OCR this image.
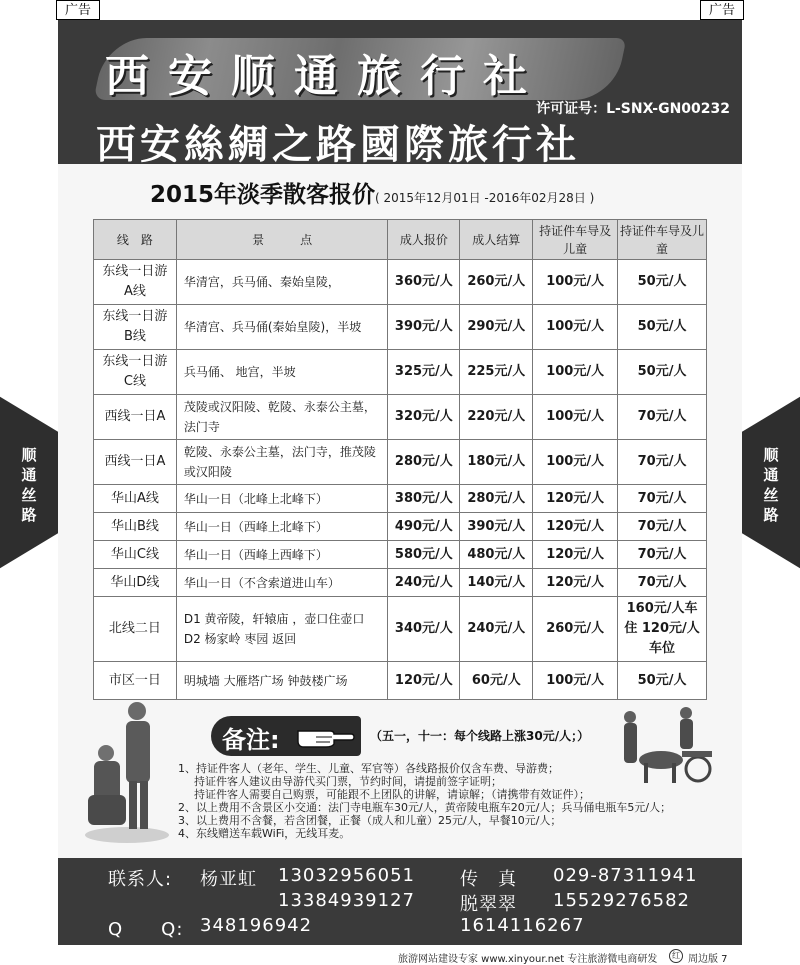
广告	广告
西安顺通旅行社
许可证号：L-SNX-GN00232
西安絲綢之路國際旅行社
2015年淡季散客报价( 2015年12月01日 -2016年02月28日 )
线　路	景　　　点	成人报价	成人结算	持证件车导及儿童	持证件车导及儿童
东线一日游A线	华清宫，兵马俑、秦始皇陵，	360元/人	260元/人	100元/人	50元/人
东线一日游B线	华清宫、兵马俑(秦始皇陵)，半坡	390元/人	290元/人	100元/人	50元/人
东线一日游C线	兵马俑、 地宫，半坡	325元/人	225元/人	100元/人	50元/人
西线一日A	茂陵或汉阳陵、乾陵、永泰公主墓，法门寺	320元/人	220元/人	100元/人	70元/人
西线一日A	乾陵、永泰公主墓，法门寺，推茂陵或汉阳陵	280元/人	180元/人	100元/人	70元/人
华山A线	华山一日（北峰上北峰下）	380元/人	280元/人	120元/人	70元/人
华山B线	华山一日（西峰上北峰下）	490元/人	390元/人	120元/人	70元/人
华山C线	华山一日（西峰上西峰下）	580元/人	480元/人	120元/人	70元/人
华山D线	华山一日（不含索道进山车）	240元/人	140元/人	120元/人	70元/人
北线二日	D1 黄帝陵，轩辕庙 ，壶口住壶口 D2 杨家岭 枣园 返回	340元/人	240元/人	260元/人	160元/人车住 120元/人车位
市区一日	明城墙 大雁塔广场 钟鼓楼广场	120元/人	60元/人	100元/人	50元/人
顺通丝路
顺通丝路
备注:	（五一，十一：每个线路上涨30元/人；）

1、持证件客人（老年、学生、儿童、军官等）各线路报价仅含车费、导游费；

持证件客人建议由导游代买门票，节约时间，请提前签字证明；

持证件客人需要自己购票，可能跟不上团队的讲解，请谅解；（请携带有效证件）；

2、以上费用不含景区小交通：法门寺电瓶车30元/人，黄帝陵电瓶车20元/人；兵马俑电瓶车5元/人；

3、以上费用不含餐，若含团餐，正餐（成人和儿童）25元/人，早餐10元/人；

4、东线赠送车载WiFi，无线耳麦。

联系人: 杨亚虹 13032956051
13384939127
传　真 029-87311941
脱翠翠 15529276582
Q　　Q: 348196942	1614116267
旅游网站建设专家 www.xinyour.net 专注旅游微电商研发	红 周边版 7
